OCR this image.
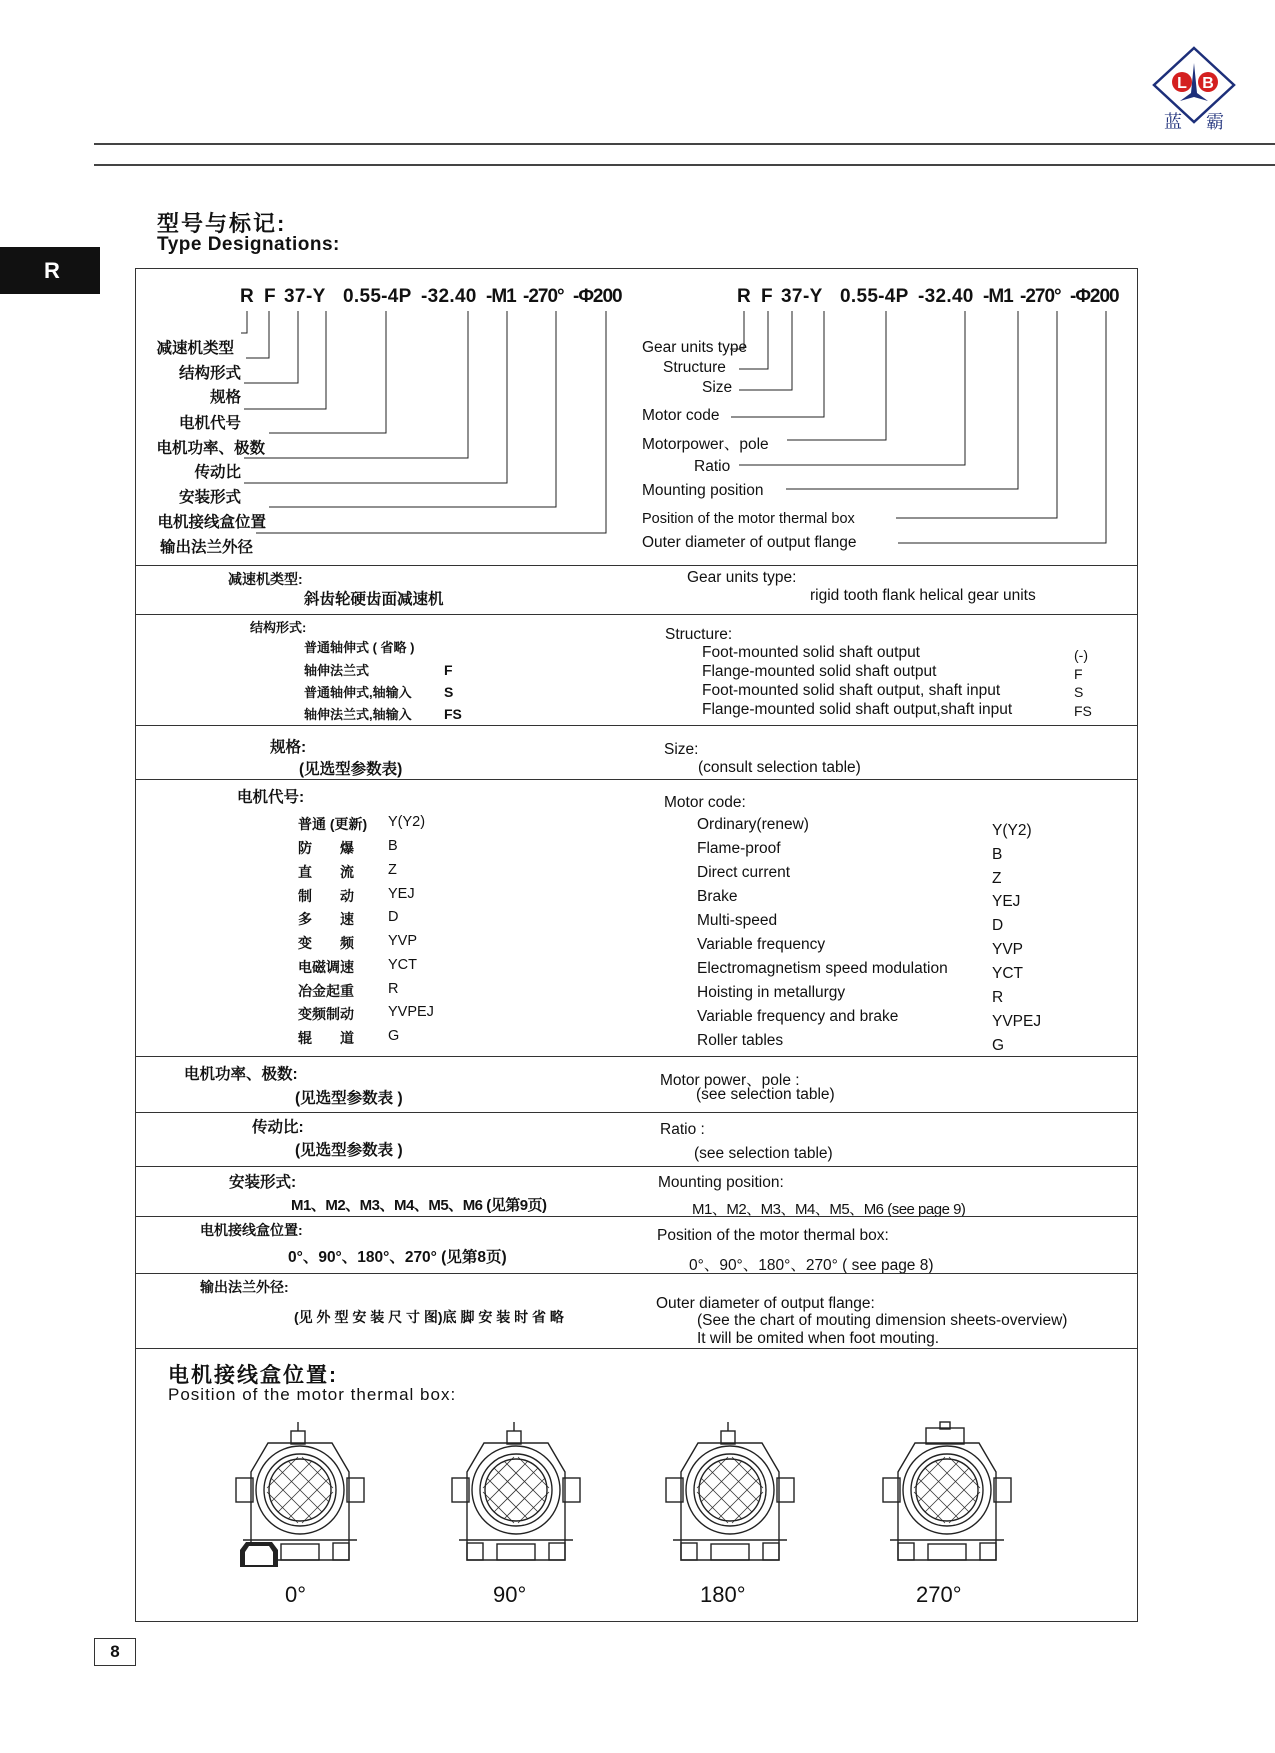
L B
蓝 霸
R
型号与标记:
Type Designations:
R F 37 -Y 0.55-4P -32.40 -M1 -270° -Φ200	R F 37 -Y 0.55-4P -32.40 -M1 -270° -Φ200
减速机类型
结构形式
规格
电机代号
电机功率、极数
传动比
安装形式
电机接线盒位置
输出法兰外径
Gear units type
Structure
Size
Motor code
Motorpower、pole
Ratio
Mounting position
Position of the motor thermal box
Outer diameter of output flange
减速机类型:
斜齿轮硬齿面减速机
Gear units type:
rigid tooth flank helical gear units
结构形式:
普通轴伸式 ( 省略 )
轴伸法兰式	F
普通轴伸式,轴输入 S
轴伸法兰式,轴输入 FS
Structure:
Foot-mounted solid shaft output	(-)
Flange-mounted solid shaft output	F
Foot-mounted solid shaft output, shaft input	S
Flange-mounted solid shaft output,shaft input	FS
规格:
(见选型参数表)
Size:
(consult selection table)
电机代号:	Motor code:
普通 (更新) Y(Y2)
防　　爆 B
直　　流 Z
制　　动 YEJ
多　　速 D
变　　频 YVP
电磁调速 YCT
冶金起重 R
变频制动 YVPEJ
辊　　道 G
Ordinary(renew)	Y(Y2)
Flame-proof	B
Direct current	Z
Brake	YEJ
Multi-speed	D
Variable frequency	YVP
Electromagnetism speed modulation	YCT
Hoisting in metallurgy	R
Variable frequency and brake	YVPEJ
Roller tables	G
电机功率、极数:
(见选型参数表 )
Motor power、pole :
(see selection table)
传动比:
(见选型参数表 )
Ratio :
(see selection table)
安装形式:
M1、M2、M3、M4、M5、M6 (见第9页)
Mounting position:
M1、M2、M3、M4、M5、M6 (see page 9)
电机接线盒位置:
0°、90°、180°、270° (见第8页)
Position of the motor thermal box:
0°、90°、180°、270° ( see page 8)
输出法兰外径:
(见 外 型 安 装 尺 寸 图)底 脚 安 装 时 省 略
Outer diameter of output flange:
(See the chart of mouting dimension sheets-overview)
It will be omited when foot mouting.
电机接线盒位置:
Position of the motor thermal box:
0°	90°	180°	270°
8
